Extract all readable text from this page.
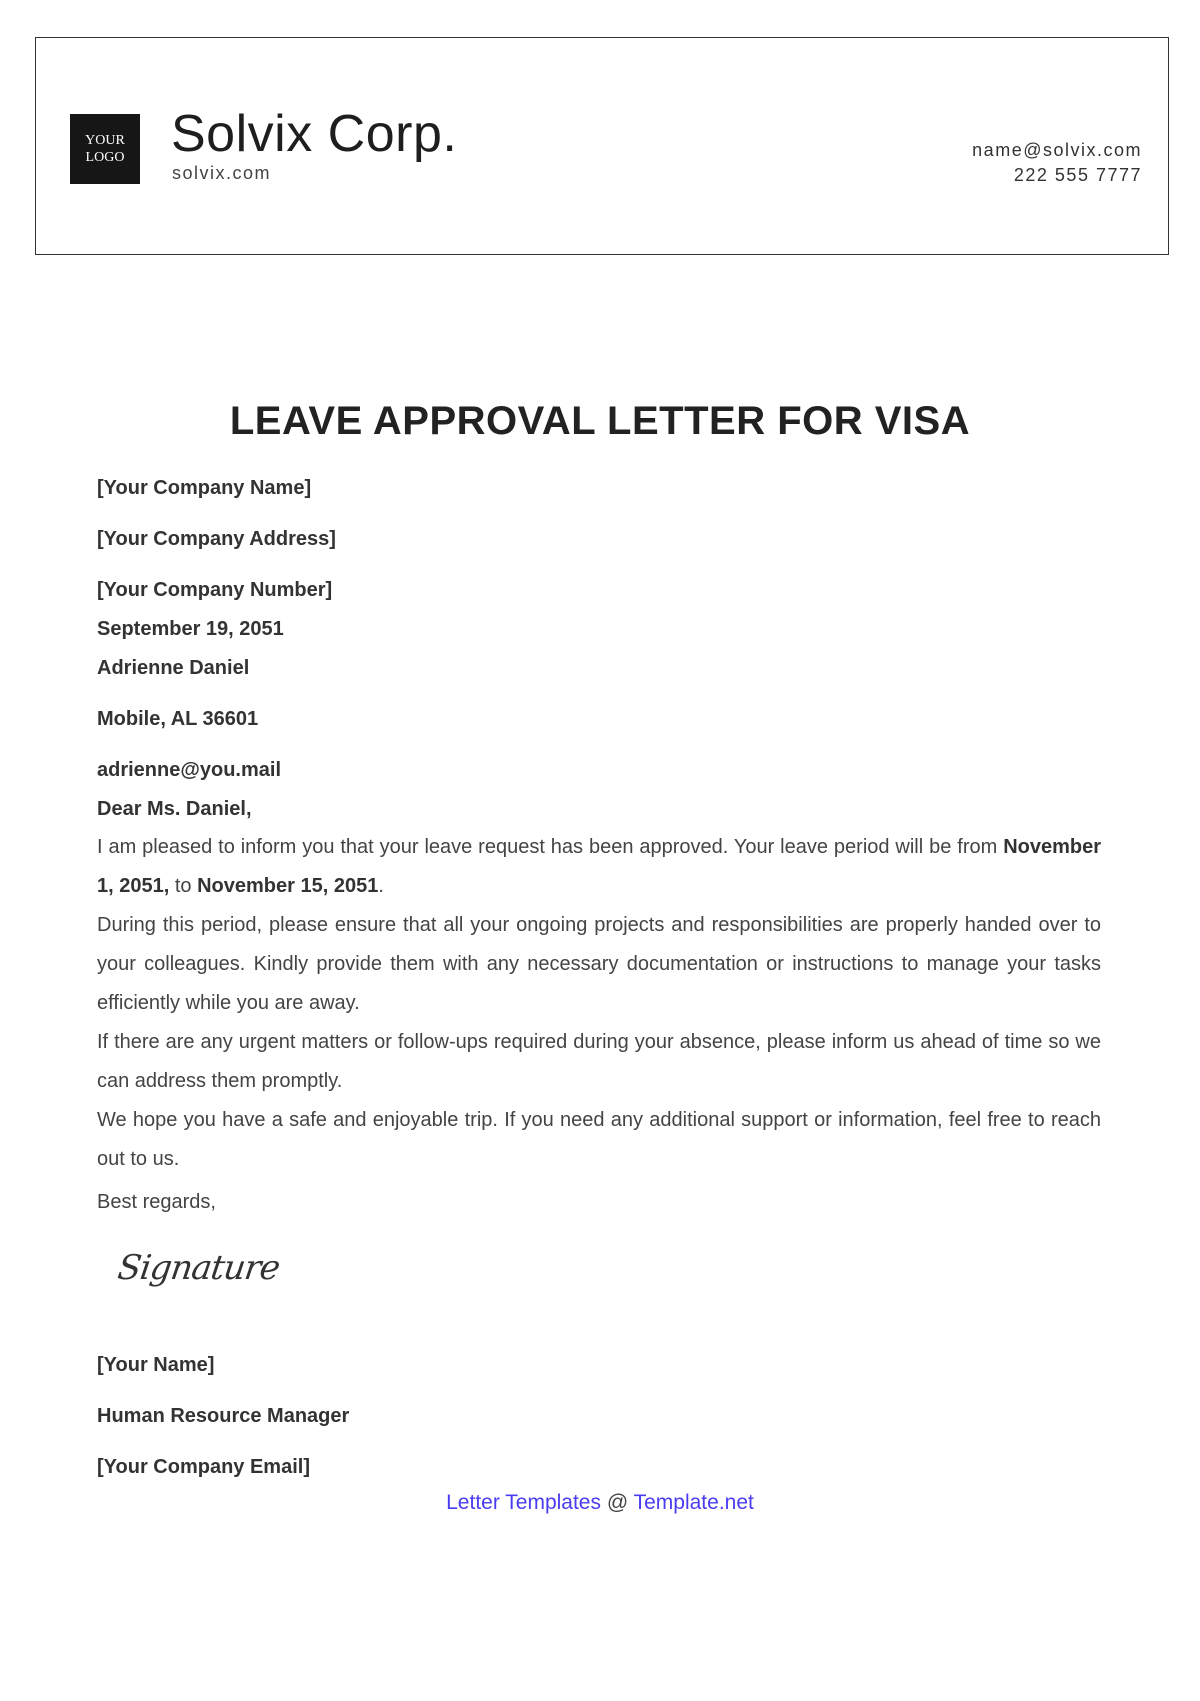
YOUR
LOGO Solvix Corp.
solvix.com
name@solvix.com
222 555 7777
LEAVE APPROVAL LETTER FOR VISA
[Your Company Name]
[Your Company Address]
[Your Company Number]
September 19, 2051
Adrienne Daniel
Mobile, AL 36601
adrienne@you.mail
Dear Ms. Daniel,
I am pleased to inform you that your leave request has been approved. Your leave period will be from November 1, 2051, to November 15, 2051.
During this period, please ensure that all your ongoing projects and responsibilities are properly handed over to your colleagues. Kindly provide them with any necessary documentation or instructions to manage your tasks efficiently while you are away.
If there are any urgent matters or follow-ups required during your absence, please inform us ahead of time so we can address them promptly.
We hope you have a safe and enjoyable trip. If you need any additional support or information, feel free to reach out to us.
Best regards,
Signature
[Your Name]
Human Resource Manager
[Your Company Email]
Letter Templates @ Template.net
